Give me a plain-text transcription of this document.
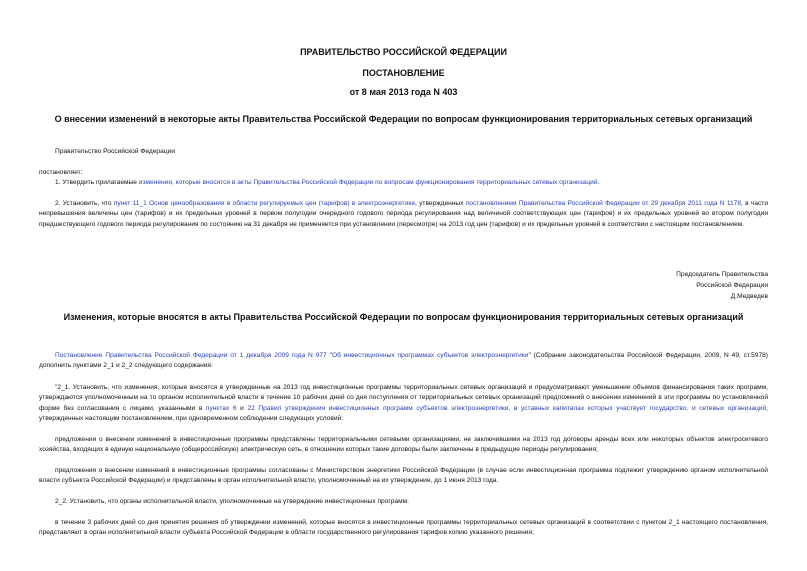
ПРАВИТЕЛЬСТВО РОССИЙСКОЙ ФЕДЕРАЦИИ
ПОСТАНОВЛЕНИЕ
от 8 мая 2013 года N 403
О внесении изменений в некоторые акты Правительства Российской Федерации по вопросам функционирования территориальных сетевых организаций
Правительство Российской Федерации
постановляет:
1. Утвердить прилагаемые изменения, которые вносятся в акты Правительства Российской Федерации по вопросам функционирования территориальных сетевых организаций.
2. Установить, что пункт 11_1 Основ ценообразования в области регулируемых цен (тарифов) в электроэнергетике, утвержденных постановлением Правительства Российской Федерации от 29 декабря 2011 года N 1178, в части непревышения величины цен (тарифов) и их предельных уровней в первом полугодии очередного годового периода регулирования над величиной соответствующих цен (тарифов) и их предельных уровней во втором полугодии предшествующего годового периода регулирования по состоянию на 31 декабря не применяется при установлении (пересмотре) на 2013 год цен (тарифов) и их предельных уровней в соответствии с настоящим постановлением.
Председатель Правительства
Российской Федерации
Д.Медведев
Изменения, которые вносятся в акты Правительства Российской Федерации по вопросам функционирования территориальных сетевых организаций
Постановление Правительства Российской Федерации от 1 декабря 2009 года N 977 "Об инвестиционных программах субъектов электроэнергетики" (Собрание законодательства Российской Федерации, 2009, N 49, ст.5978) дополнить пунктами 2_1 и 2_2 следующего содержания:
"2_1. Установить, что изменения, которые вносятся в утвержденные на 2013 год инвестиционные программы территориальных сетевых организаций и предусматривают уменьшение объемов финансирования таких программ, утверждаются уполномоченным на то органом исполнительной власти в течение 10 рабочих дней со дня поступления от территориальных сетевых организаций предложений о внесении изменений в эти программы по установленной форме без согласования с лицами, указанными в пунктах 6 и 22 Правил утверждения инвестиционных программ субъектов электроэнергетики, в уставных капиталах которых участвует государство, и сетевых организаций, утвержденных настоящим постановлением, при одновременном соблюдении следующих условий:
предложения о внесении изменений в инвестиционные программы представлены территориальными сетевыми организациями, не заключившими на 2013 год договоры аренды всех или некоторых объектов электросетевого хозяйства, входящих в единую национальную (общероссийскую) электрическую сеть, в отношении которых такие договоры были заключены в предыдущие периоды регулирования;
предложения о внесении изменений в инвестиционные программы согласованы с Министерством энергетики Российской Федерации (в случае если инвестиционная программа подлежит утверждению органом исполнительной власти субъекта Российской Федерации) и представлены в орган исполнительной власти, уполномоченный на их утверждение, до 1 июня 2013 года.
2_2. Установить, что органы исполнительной власти, уполномоченные на утверждение инвестиционных программ:
в течение 3 рабочих дней со дня принятия решения об утверждении изменений, которые вносятся в инвестиционные программы территориальных сетевых организаций в соответствии с пунктом 2_1 настоящего постановления, представляют в орган исполнительной власти субъекта Российской Федерации в области государственного регулирования тарифов копию указанного решения;
